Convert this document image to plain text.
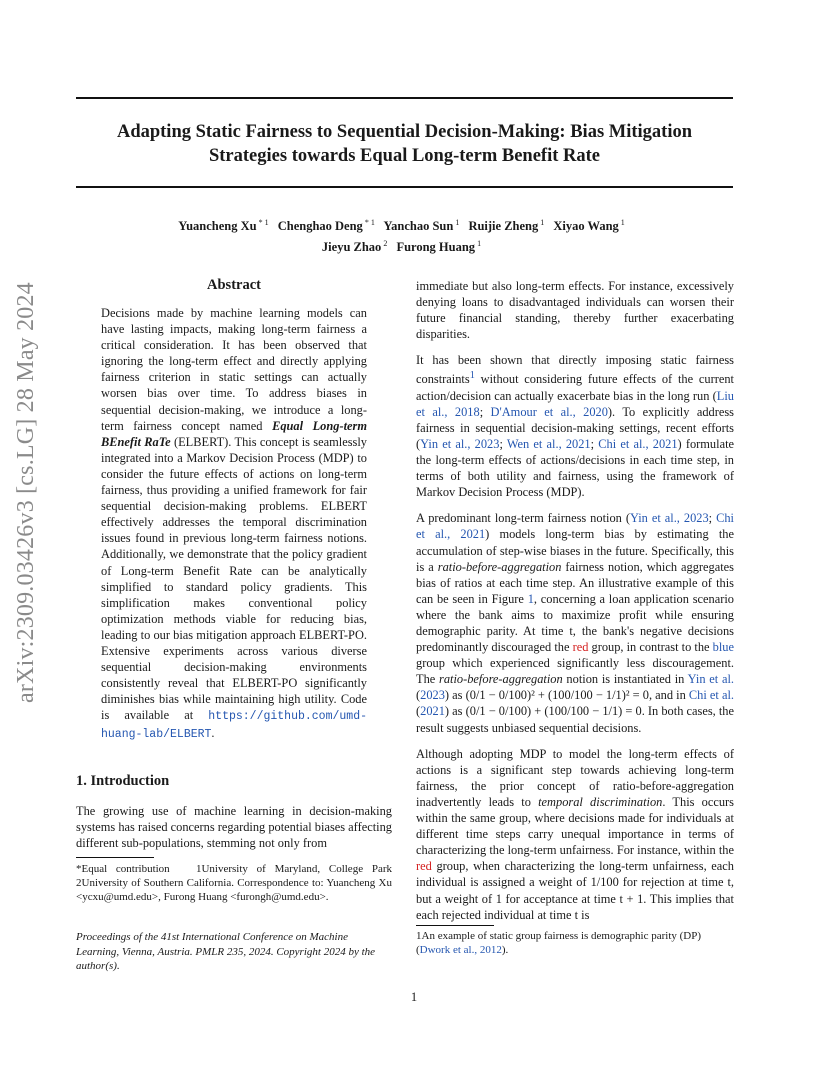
arXiv:2309.03426v3 [cs.LG] 28 May 2024
Adapting Static Fairness to Sequential Decision-Making: Bias Mitigation
Strategies towards Equal Long-term Benefit Rate
Yuancheng Xu $^{* 1}$ Chenghao Deng $^{* 1}$ Yanchao Sun $^1$ Ruijie Zheng $^1$ Xiyao Wang $^1$
Jieyu Zhao $^2$ Furong Huang $^1$
Abstract
Decisions made by machine learning models can have lasting impacts, making long-term fairness a critical consideration. It has been observed that ignoring the long-term effect and directly applying fairness criterion in static settings can actually worsen bias over time. To address biases in sequential decision-making, we introduce a long-term fairness concept named Equal Long-term BEnefit RaTe (ELBERT). This concept is seamlessly integrated into a Markov Decision Process (MDP) to consider the future effects of actions on long-term fairness, thus providing a unified framework for fair sequential decision-making problems. ELBERT effectively addresses the temporal discrimination issues found in previous long-term fairness notions. Additionally, we demonstrate that the policy gradient of Long-term Benefit Rate can be analytically simplified to standard policy gradients. This simplification makes conventional policy optimization methods viable for reducing bias, leading to our bias mitigation approach ELBERT-PO. Extensive experiments across various diverse sequential decision-making environments consistently reveal that ELBERT-PO significantly diminishes bias while maintaining high utility. Code is available at https://github.com/umd-huang-lab/ELBERT.
1. Introduction
The growing use of machine learning in decision-making systems has raised concerns regarding potential biases affecting different sub-populations, stemming not only from
*Equal contribution 1University of Maryland, College Park 2University of Southern California. Correspondence to: Yuancheng Xu <ycxu@umd.edu>, Furong Huang <furongh@umd.edu>.
Proceedings of the 41st International Conference on Machine Learning, Vienna, Austria. PMLR 235, 2024. Copyright 2024 by the author(s).

immediate but also long-term effects. For instance, excessively denying loans to disadvantaged individuals can worsen their future financial standing, thereby further exacerbating disparities.

It has been shown that directly imposing static fairness constraints$^1$ without considering future effects of the current action/decision can actually exacerbate bias in the long run (Liu et al., 2018; D'Amour et al., 2020). To explicitly address fairness in sequential decision-making settings, recent efforts (Yin et al., 2023; Wen et al., 2021; Chi et al., 2021) formulate the long-term effects of actions/decisions in each time step, in terms of both utility and fairness, using the framework of Markov Decision Process (MDP).

A predominant long-term fairness notion (Yin et al., 2023; Chi et al., 2021) models long-term bias by estimating the accumulation of step-wise biases in the future. Specifically, this is a ratio-before-aggregation fairness notion, which aggregates bias of ratios at each time step. An illustrative example of this can be seen in Figure 1, concerning a loan application scenario where the bank aims to maximize profit while ensuring demographic parity. At time t, the bank's negative decisions predominantly discouraged the red group, in contrast to the blue group which experienced significantly less discouragement. The ratio-before-aggregation notion is instantiated in Yin et al. (2023) as (0/1 − 0/100)² + (100/100 − 1/1)² = 0, and in Chi et al. (2021) as (0/1 − 0/100) + (100/100 − 1/1) = 0. In both cases, the result suggests unbiased sequential decisions.

Although adopting MDP to model the long-term effects of actions is a significant step towards achieving long-term fairness, the prior concept of ratio-before-aggregation inadvertently leads to temporal discrimination. This occurs within the same group, where decisions made for individuals at different time steps carry unequal importance in terms of characterizing the long-term unfairness. For instance, within the red group, when characterizing the long-term unfairness, each individual is assigned a weight of 1/100 for rejection at time t, but a weight of 1 for acceptance at time t + 1. This implies that each rejected individual at time t is

1An example of static group fairness is demographic parity (DP) (Dwork et al., 2012).
1
